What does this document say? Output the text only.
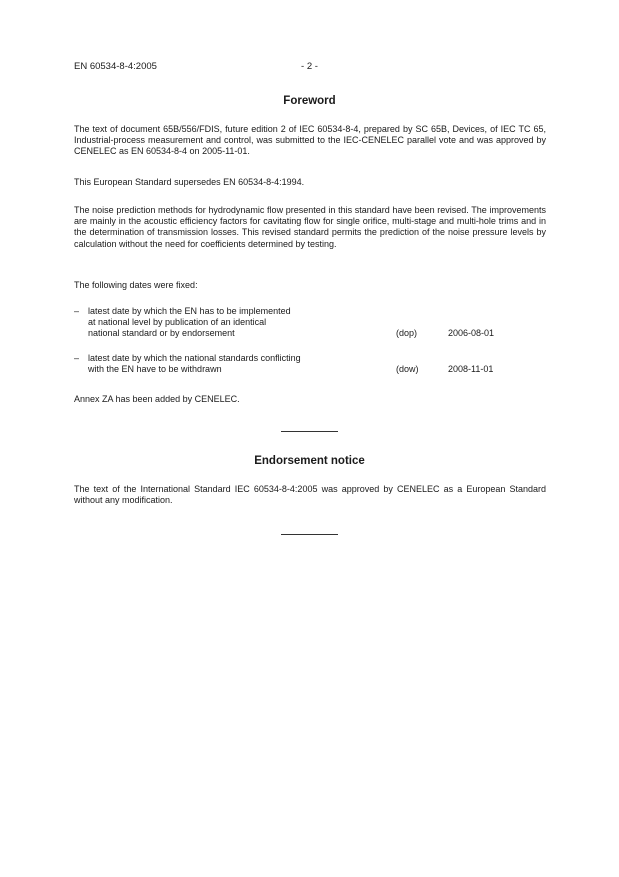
EN 60534-8-4:2005	- 2 -
Foreword

The text of document 65B/556/FDIS, future edition 2 of IEC 60534-8-4, prepared by SC 65B, Devices, of IEC TC 65, Industrial-process measurement and control, was submitted to the IEC-CENELEC parallel vote and was approved by CENELEC as EN 60534-8-4 on 2005-11-01.

This European Standard supersedes EN 60534-8-4:1994.

The noise prediction methods for hydrodynamic flow presented in this standard have been revised. The improvements are mainly in the acoustic efficiency factors for cavitating flow for single orifice, multi-stage and multi-hole trims and in the determination of transmission losses. This revised standard permits the prediction of the noise pressure levels by calculation without the need for coefficients determined by testing.

The following dates were fixed:

– latest date by which the EN has to be implemented
at national level by publication of an identical
national standard or by endorsement	(dop)	2006-08-01
– latest date by which the national standards conflicting
with the EN have to be withdrawn	(dow)	2008-11-01

Annex ZA has been added by CENELEC.

Endorsement notice

The text of the International Standard IEC 60534-8-4:2005 was approved by CENELEC as a European Standard without any modification.
